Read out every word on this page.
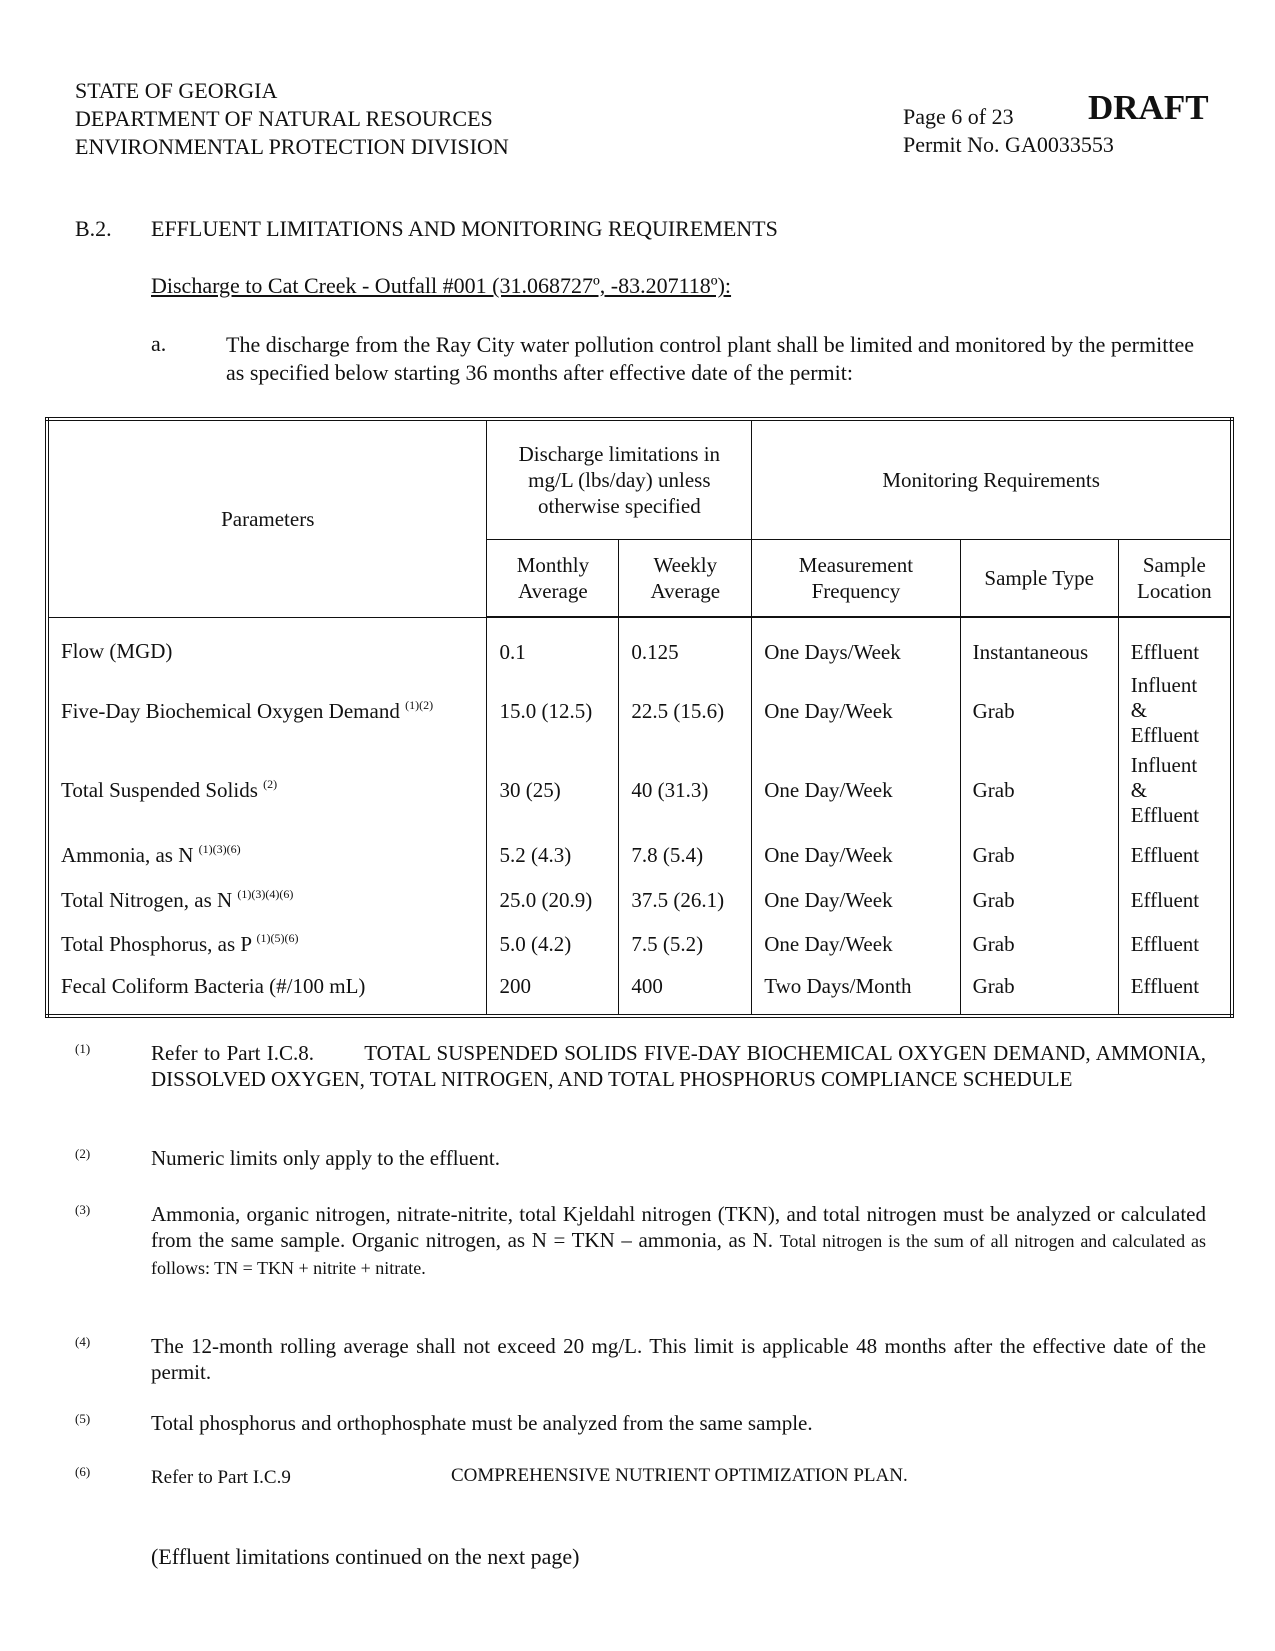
STATE OF GEORGIA
DEPARTMENT OF NATURAL RESOURCES
ENVIRONMENTAL PROTECTION DIVISION
Page 6 of 23
Permit No. GA0033553
DRAFT
B.2. EFFLUENT LIMITATIONS AND MONITORING REQUIREMENTS
Discharge to Cat Creek - Outfall #001 (31.068727º, -83.207118º):
a.	The discharge from the Ray City water pollution control plant shall be limited and monitored by the permittee as specified below starting 36 months after effective date of the permit:
Parameters	Discharge limitations in mg/L (lbs/day) unless otherwise specified		Monitoring Requirements		
	Monthly Average	Weekly Average	Measurement Frequency	Sample Type	Sample Location
Flow (MGD)	0.1	0.125	One Days/Week	Instantaneous	Effluent
Five-Day Biochemical Oxygen Demand $^{(1)(2)}$	15.0 (12.5)	22.5 (15.6)	One Day/Week	Grab	Influent & Effluent
Total Suspended Solids $^{(2)}$	30 (25)	40 (31.3)	One Day/Week	Grab	Influent & Effluent
Ammonia, as N $^{(1)(3)(6)}$	5.2 (4.3)	7.8 (5.4)	One Day/Week	Grab	Effluent
Total Nitrogen, as N $^{(1)(3)(4)(6)}$	25.0 (20.9)	37.5 (26.1)	One Day/Week	Grab	Effluent
Total Phosphorus, as P $^{(1)(5)(6)}$	5.0 (4.2)	7.5 (5.2)	One Day/Week	Grab	Effluent
Fecal Coliform Bacteria (#/100 mL)	200	400	Two Days/Month	Grab	Effluent
(1)	Refer to Part I.C.8.        TOTAL SUSPENDED SOLIDS FIVE-DAY BIOCHEMICAL OXYGEN DEMAND, AMMONIA, DISSOLVED OXYGEN, TOTAL NITROGEN, AND TOTAL PHOSPHORUS COMPLIANCE SCHEDULE
(2)	Numeric limits only apply to the effluent.
(3)	Ammonia, organic nitrogen, nitrate-nitrite, total Kjeldahl nitrogen (TKN), and total nitrogen must be analyzed or calculated from the same sample. Organic nitrogen, as N = TKN – ammonia, as N. Total nitrogen is the sum of all nitrogen and calculated as follows: TN = TKN + nitrite + nitrate.
(4)	The 12-month rolling average shall not exceed 20 mg/L. This limit is applicable 48 months after the effective date of the permit.
(5)	Total phosphorus and orthophosphate must be analyzed from the same sample.
(6)	Refer to Part I.C.9	COMPREHENSIVE NUTRIENT OPTIMIZATION PLAN.
(Effluent limitations continued on the next page)
